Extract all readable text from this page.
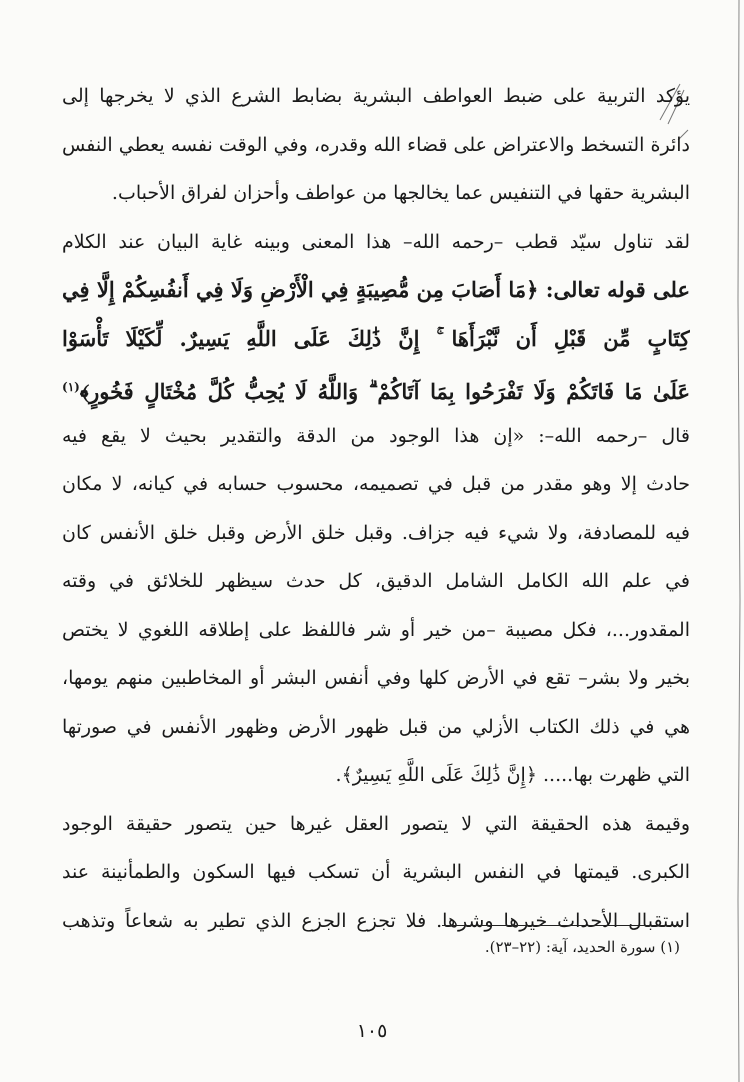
يؤكد التربية على ضبط العواطف البشرية بضابط الشرع الذي لا يخرجها إلى
دائرة التسخط والاعتراض على قضاء الله وقدره، وفي الوقت نفسه يعطي النفس
البشرية حقها في التنفيس عما يخالجها من عواطف وأحزان لفراق الأحباب.
لقد تناول سيّد قطب –رحمه الله– هذا المعنى وبينه غاية البيان عند الكلام
على قوله تعالى: ﴿مَا أَصَابَ مِن مُّصِيبَةٍ فِي الْأَرْضِ وَلَا فِي أَنفُسِكُمْ إِلَّا فِي
كِتَابٍ مِّن قَبْلِ أَن نَّبْرَأَهَا ۚ إِنَّ ذَٰلِكَ عَلَى اللَّهِ يَسِيرٌ. لِّكَيْلَا تَأْسَوْا
عَلَىٰ مَا فَاتَكُمْ وَلَا تَفْرَحُوا بِمَا آتَاكُمْ ۗ وَاللَّهُ لَا يُحِبُّ كُلَّ مُخْتَالٍ فَخُورٍ﴾$^{(١)}$
قال –رحمه الله–: «إن هذا الوجود من الدقة والتقدير بحيث لا يقع فيه
حادث إلا وهو مقدر من قبل في تصميمه، محسوب حسابه في كيانه، لا مكان
فيه للمصادفة، ولا شيء فيه جزاف. وقبل خلق الأرض وقبل خلق الأنفس كان
في علم الله الكامل الشامل الدقيق، كل حدث سيظهر للخلائق في وقته
المقدور...، فكل مصيبة –من خير أو شر فاللفظ على إطلاقه اللغوي لا يختص
بخير ولا بشر– تقع في الأرض كلها وفي أنفس البشر أو المخاطبين منهم يومها،
هي في ذلك الكتاب الأزلي من قبل ظهور الأرض وظهور الأنفس في صورتها
التي ظهرت بها..... ﴿إِنَّ ذَٰلِكَ عَلَى اللَّهِ يَسِيرٌ﴾.
وقيمة هذه الحقيقة التي لا يتصور العقل غيرها حين يتصور حقيقة الوجود
الكبرى. قيمتها في النفس البشرية أن تسكب فيها السكون والطمأنينة عند
استقبال الأحداث خيرها وشرها. فلا تجزع الجزع الذي تطير به شعاعاً وتذهب
(١) سورة الحديد، آية: (٢٢–٢٣).
١٠٥
